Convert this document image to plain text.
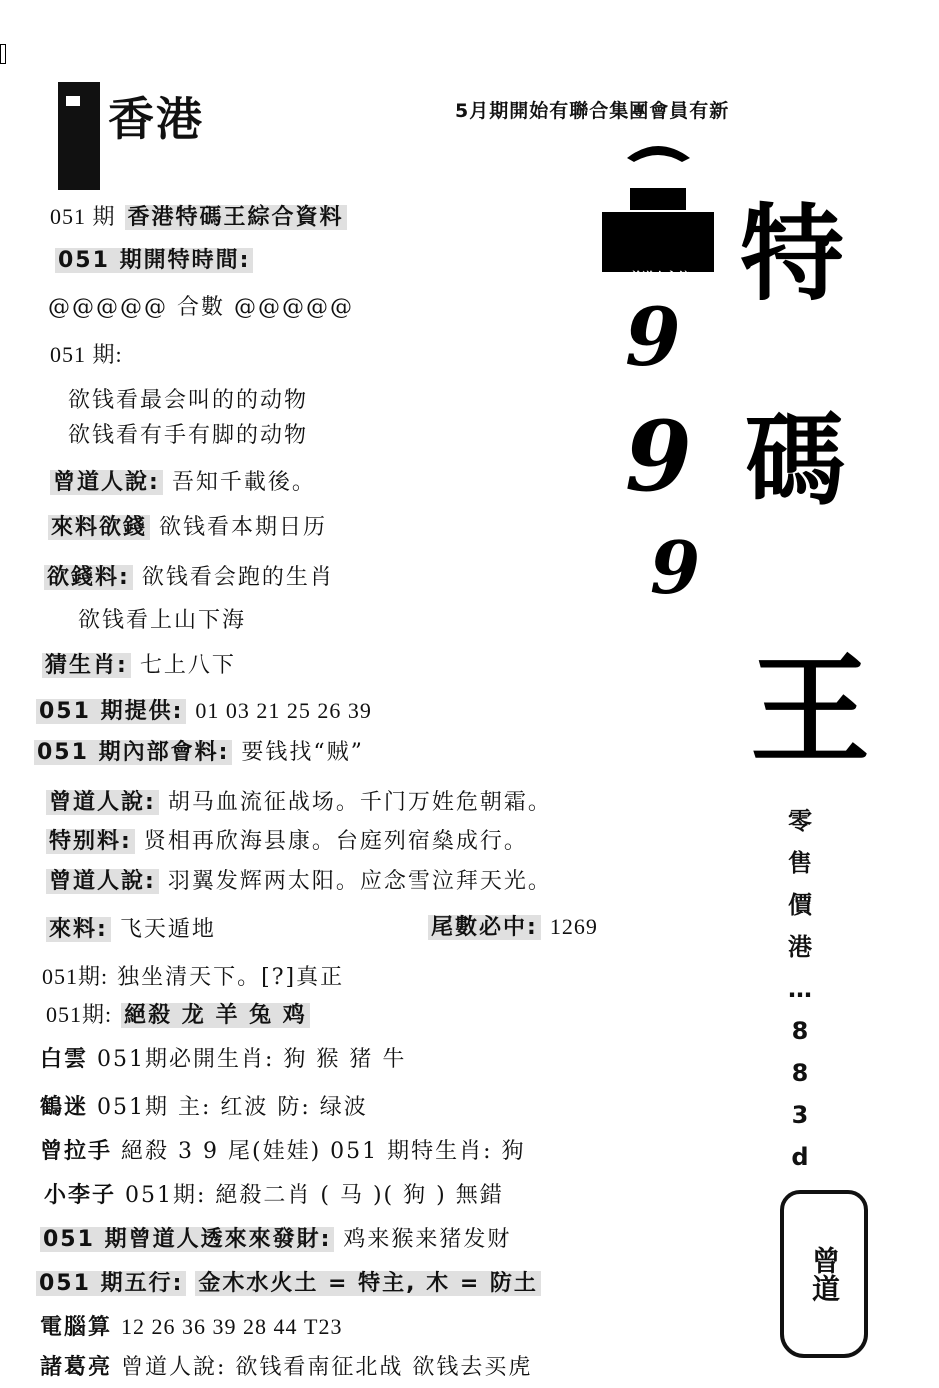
香港	5月期開始有聯合集團會員有新
曾道人主編
9
9
9
特
碼
王
零
售
價
港
…
8
8
3
d
曾道
051 期 香港特碼王綜合資料
051 期開特時間:
@@@@@ 合數 @@@@@
051 期:
欲钱看最会叫的的动物
欲钱看有手有脚的动物
曾道人說: 吾知千載後。
來料欲錢 欲钱看本期日历
欲錢料: 欲钱看会跑的生肖
欲钱看上山下海
猜生肖: 七上八下
051 期提供: 01 03 21 25 26 39
051 期內部會料: 要钱找“贼”
曾道人說: 胡马血流征战场。千门万姓危朝霜。
特别料: 贤相再欣海县康。台庭列宿燊成行。
曾道人說: 羽翼发辉两太阳。应念雪泣拜天光。
來料: 飞天遁地	尾數必中: 1269
051期: 独坐清天下。[?]真正
051期: 絕殺 龙 羊 兔 鸡
白雲 051期必開生肖: 狗 猴 猪 牛
鶴迷 051期 主: 红波 防: 绿波
曾拉手 絕殺 3 9 尾(娃娃) 051 期特生肖: 狗
小李子 051期: 絕殺二肖 ( 马 )( 狗 ) 無錯
051 期曾道人透來來發財: 鸡来猴来猪发财
051 期五行: 金木水火土 = 特主, 木 = 防土
電腦算 12 26 36 39 28 44 T23
諸葛亮 曾道人說: 欲钱看南征北战 欲钱去买虎
